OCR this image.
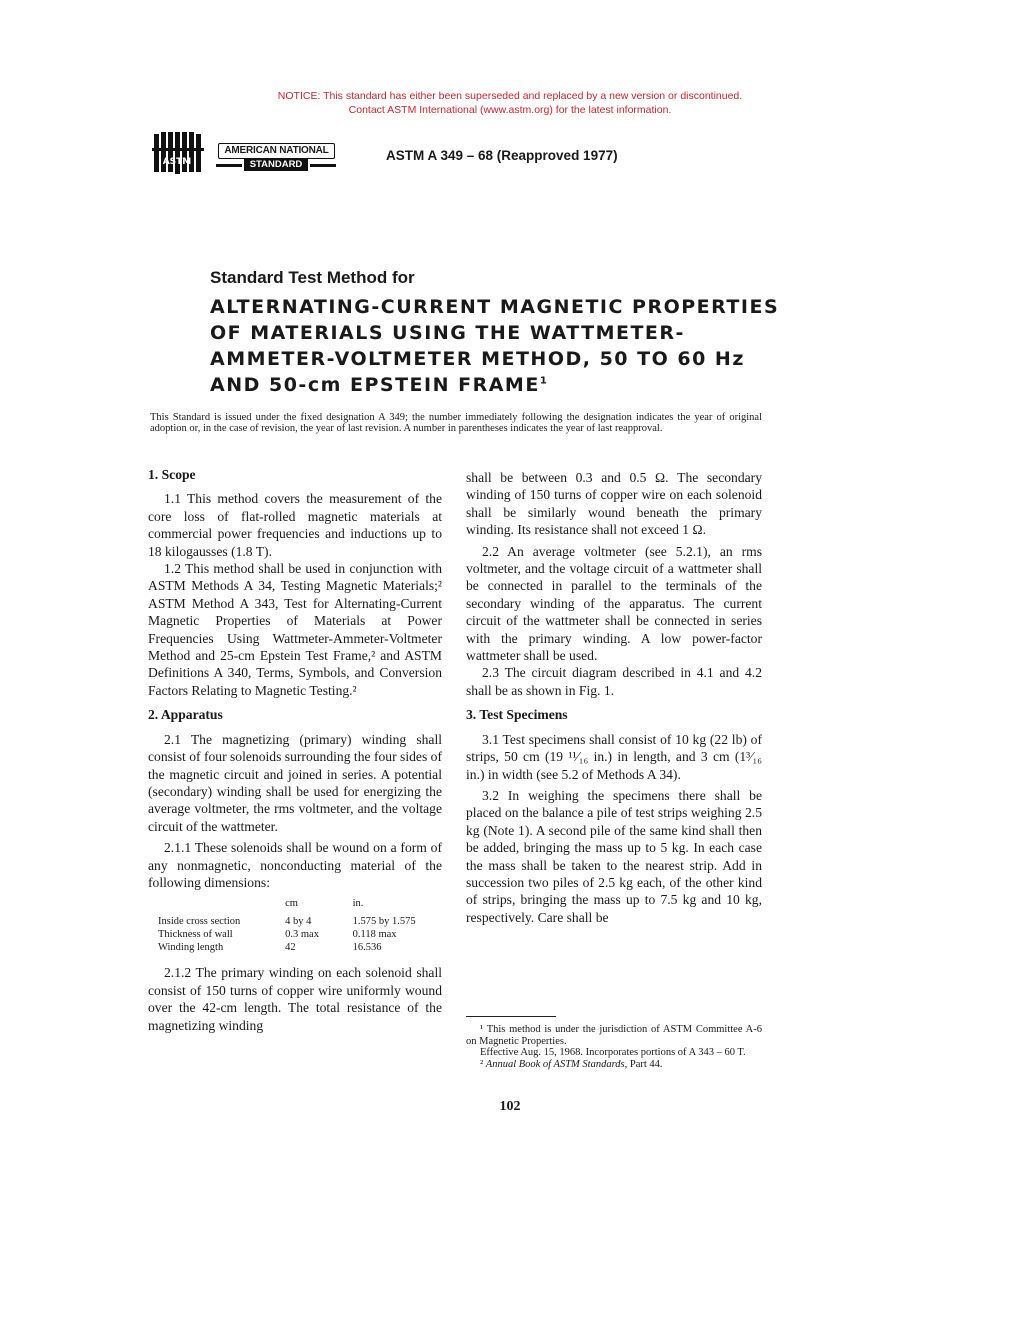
NOTICE: This standard has either been superseded and replaced by a new version or discontinued.
Contact ASTM International (www.astm.org) for the latest information.
ASTM
AMERICAN NATIONAL
STANDARD
ASTM A 349 – 68 (Reapproved 1977)
Standard Test Method for
ALTERNATING-CURRENT MAGNETIC PROPERTIES
OF MATERIALS USING THE WATTMETER-
AMMETER-VOLTMETER METHOD, 50 TO 60 Hz
AND 50-cm EPSTEIN FRAME$^1$
This Standard is issued under the fixed designation A 349; the number immediately following the designation indicates the year of original adoption or, in the case of revision, the year of last revision. A number in parentheses indicates the year of last reapproval.

1. Scope

1.1 This method covers the measurement of the core loss of flat-rolled magnetic materials at commercial power frequencies and inductions up to 18 kilogausses (1.8 T).

1.2 This method shall be used in conjunction with ASTM Methods A 34, Testing Magnetic Materials;² ASTM Method A 343, Test for Alternating-Current Magnetic Properties of Materials at Power Frequencies Using Wattmeter-Ammeter-Voltmeter Method and 25-cm Epstein Test Frame,² and ASTM Definitions A 340, Terms, Symbols, and Conversion Factors Relating to Magnetic Testing.²

2. Apparatus

2.1 The magnetizing (primary) winding shall consist of four solenoids surrounding the four sides of the magnetic circuit and joined in series. A potential (secondary) winding shall be used for energizing the average voltmeter, the rms voltmeter, and the voltage circuit of the wattmeter.

2.1.1 These solenoids shall be wound on a form of any nonmagnetic, nonconducting material of the following dimensions:

	cm	in.
Inside cross section	4 by 4	1.575 by 1.575
Thickness of wall	0.3 max	0.118 max
Winding length	42	16.536

2.1.2 The primary winding on each solenoid shall consist of 150 turns of copper wire uniformly wound over the 42-cm length. The total resistance of the magnetizing winding

shall be between 0.3 and 0.5 Ω. The secondary winding of 150 turns of copper wire on each solenoid shall be similarly wound beneath the primary winding. Its resistance shall not exceed 1 Ω.

2.2 An average voltmeter (see 5.2.1), an rms voltmeter, and the voltage circuit of a wattmeter shall be connected in parallel to the terminals of the secondary winding of the apparatus. The current circuit of the wattmeter shall be connected in series with the primary winding. A low power-factor wattmeter shall be used.

2.3 The circuit diagram described in 4.1 and 4.2 shall be as shown in Fig. 1.

3. Test Specimens

3.1 Test specimens shall consist of 10 kg (22 lb) of strips, 50 cm (19 ¹¹⁄₁₆ in.) in length, and 3 cm (1³⁄₁₆ in.) in width (see 5.2 of Methods A 34).

3.2 In weighing the specimens there shall be placed on the balance a pile of test strips weighing 2.5 kg (Note 1). A second pile of the same kind shall then be added, bringing the mass up to 5 kg. In each case the mass shall be taken to the nearest strip. Add in succession two piles of 2.5 kg each, of the other kind of strips, bringing the mass up to 7.5 kg and 10 kg, respectively. Care shall be

¹ This method is under the jurisdiction of ASTM Committee A-6 on Magnetic Properties.

Effective Aug. 15, 1968. Incorporates portions of A 343 – 60 T.

² Annual Book of ASTM Standards, Part 44.

102
